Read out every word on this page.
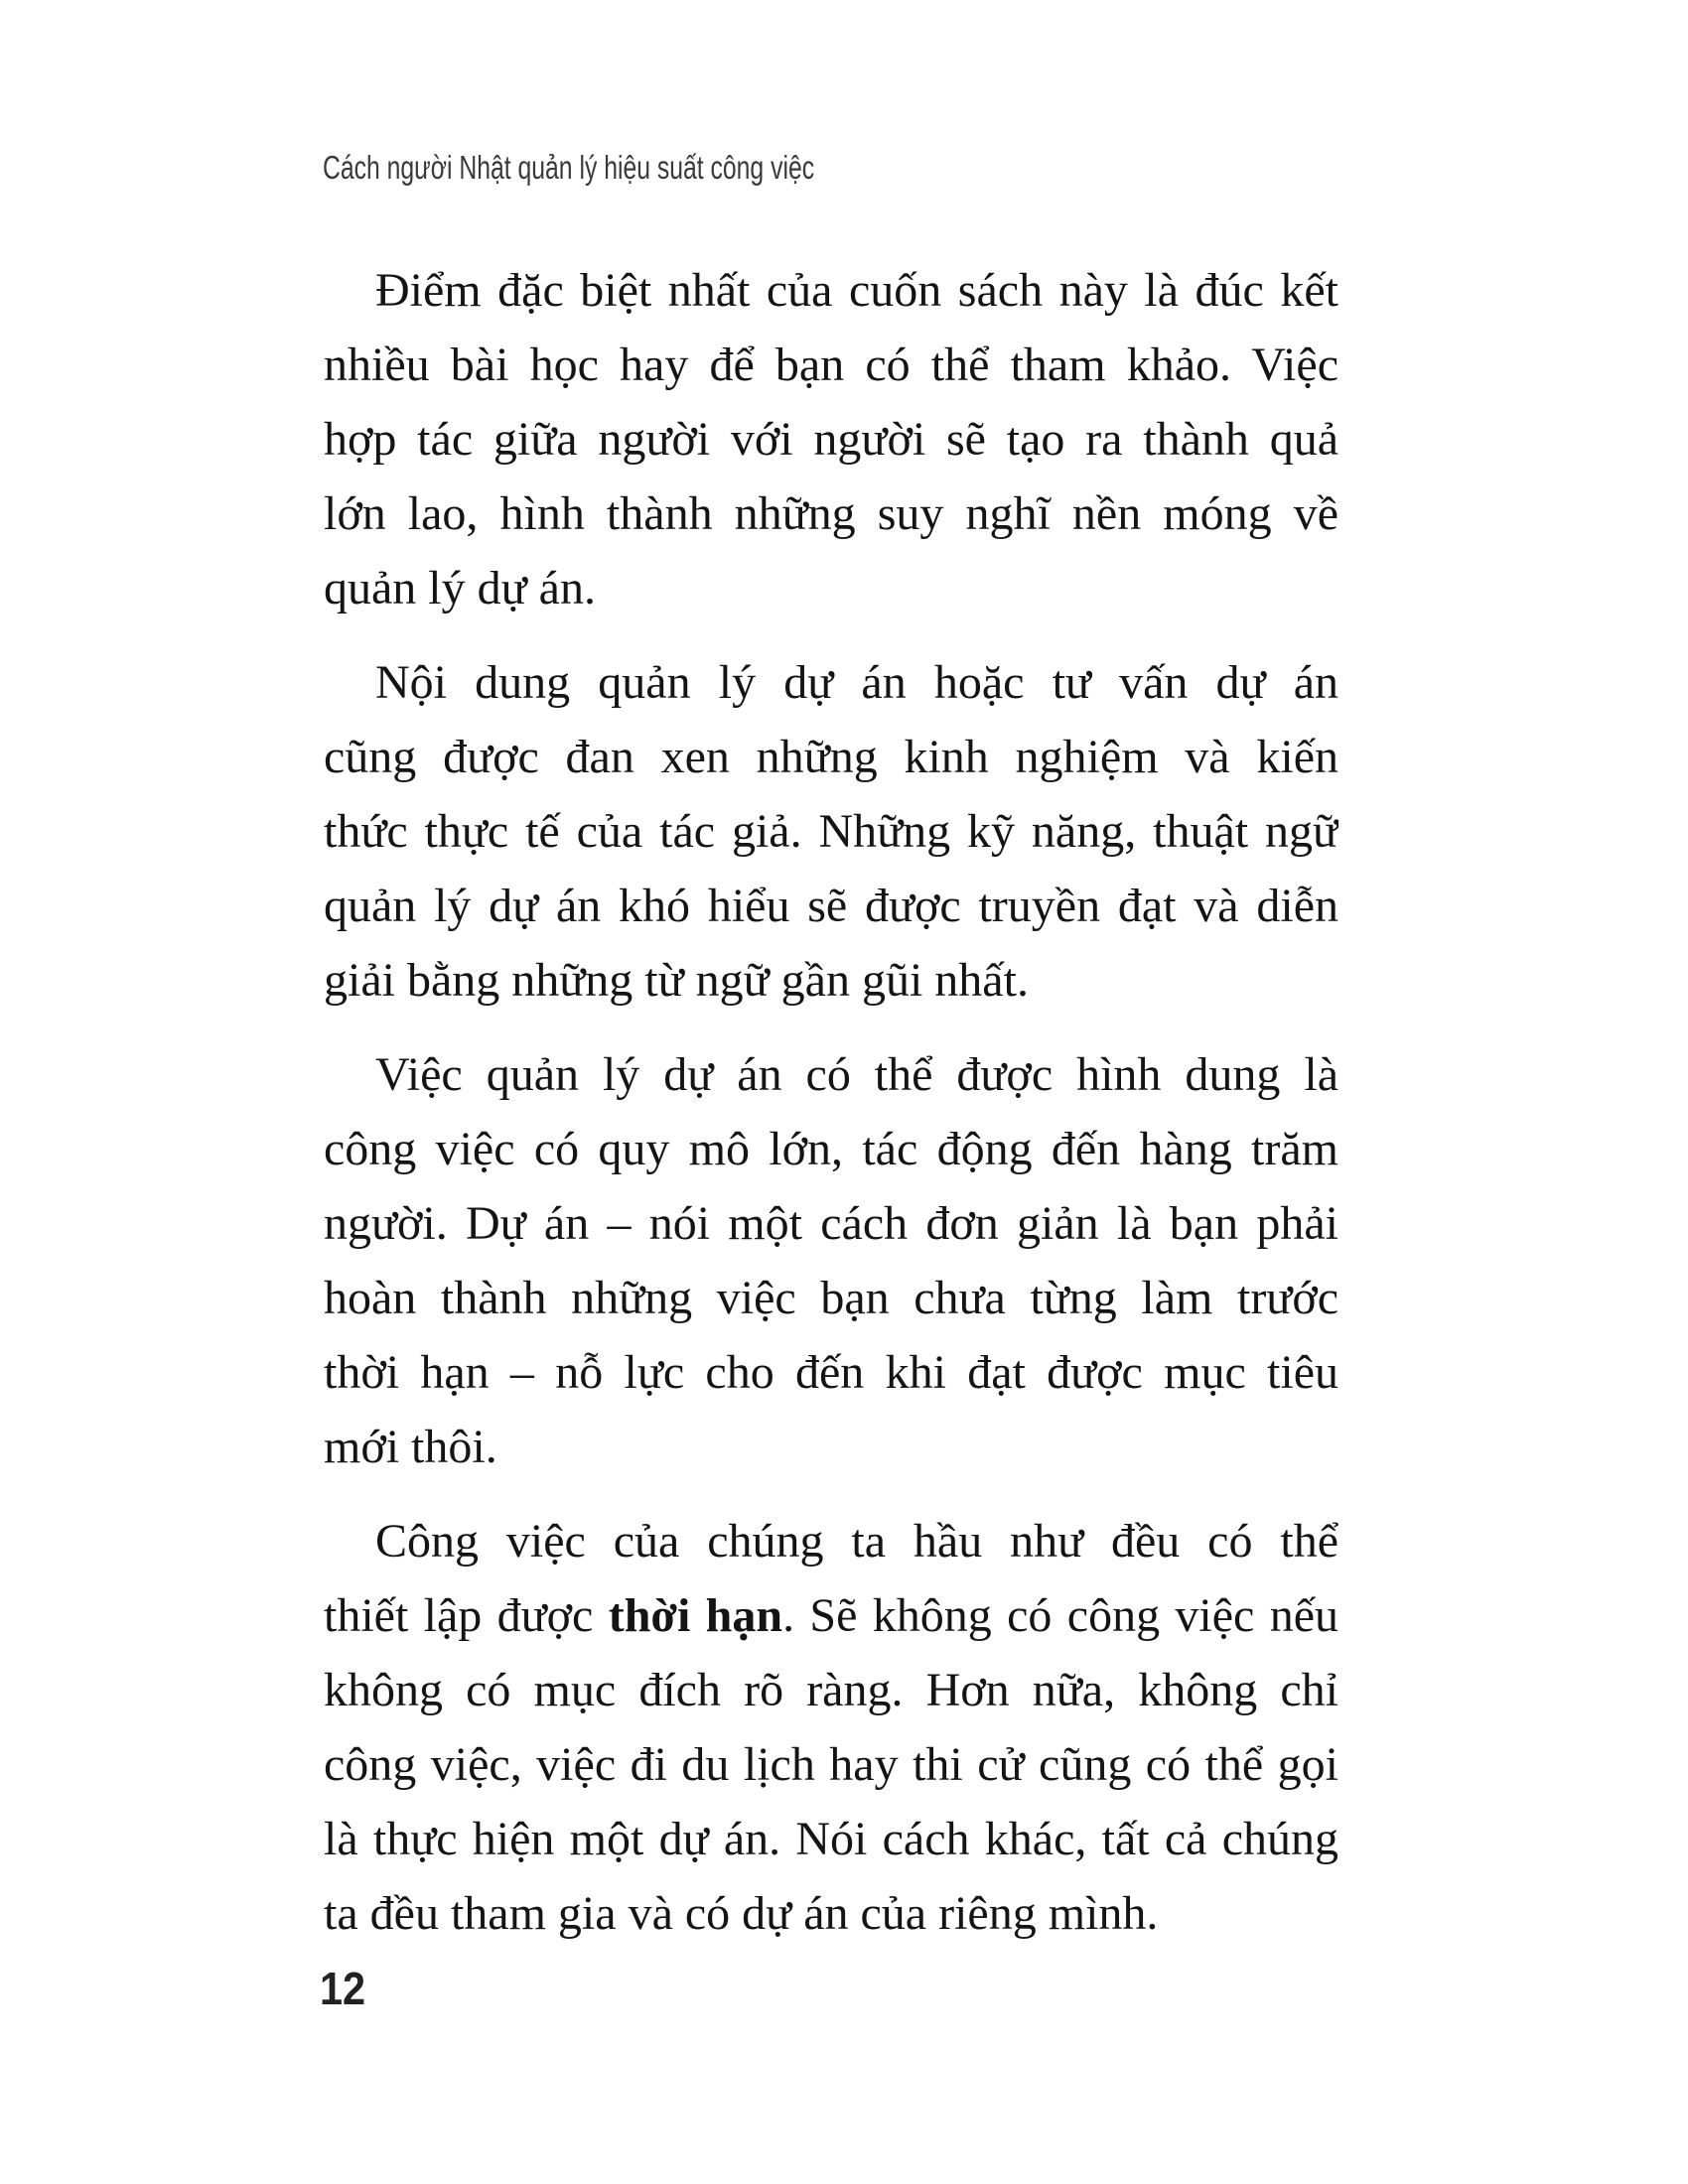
Cách người Nhật quản lý hiệu suất công việc
Điểm đặc biệt nhất của cuốn sách này là đúc kết
nhiều bài học hay để bạn có thể tham khảo. Việc
hợp tác giữa người với người sẽ tạo ra thành quả
lớn lao, hình thành những suy nghĩ nền móng về
quản lý dự án.
Nội dung quản lý dự án hoặc tư vấn dự án
cũng được đan xen những kinh nghiệm và kiến
thức thực tế của tác giả. Những kỹ năng, thuật ngữ
quản lý dự án khó hiểu sẽ được truyền đạt và diễn
giải bằng những từ ngữ gần gũi nhất.
Việc quản lý dự án có thể được hình dung là
công việc có quy mô lớn, tác động đến hàng trăm
người. Dự án – nói một cách đơn giản là bạn phải
hoàn thành những việc bạn chưa từng làm trước
thời hạn – nỗ lực cho đến khi đạt được mục tiêu
mới thôi.
Công việc của chúng ta hầu như đều có thể
thiết lập được thời hạn. Sẽ không có công việc nếu
không có mục đích rõ ràng. Hơn nữa, không chỉ
công việc, việc đi du lịch hay thi cử cũng có thể gọi
là thực hiện một dự án. Nói cách khác, tất cả chúng
ta đều tham gia và có dự án của riêng mình.
12
